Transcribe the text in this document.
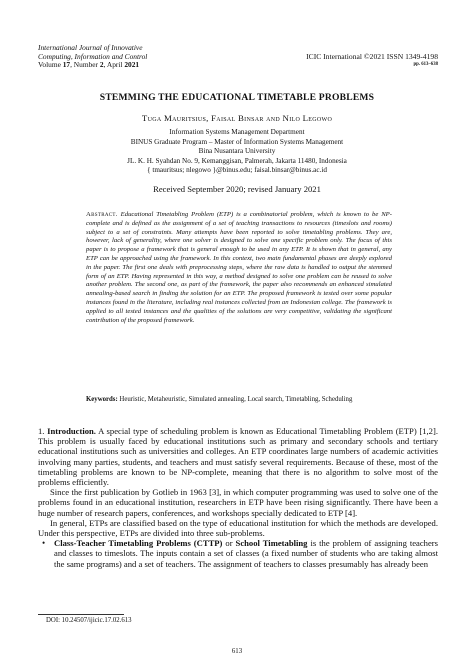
International Journal of Innovative
Computing, Information and Control
Volume 17, Number 2, April 2021
ICIC International ©2021 ISSN 1349-4198
pp. 613–638
STEMMING THE EDUCATIONAL TIMETABLE PROBLEMS
Tuga Mauritsius, Faisal Binsar and Nilo Legowo
Information Systems Management Department
BINUS Graduate Program – Master of Information Systems Management
Bina Nusantara University
JL. K. H. Syahdan No. 9, Kemanggisan, Palmerah, Jakarta 11480, Indonesia
{ tmauritsus; nlegowo }@binus.edu; faisal.binsar@binus.ac.id
Received September 2020; revised January 2021
Abstract. Educational Timetabling Problem (ETP) is a combinatorial problem, which is known to be NP-complete and is defined as the assignment of a set of teaching transactions to resources (timeslots and rooms) subject to a set of constraints. Many attempts have been reported to solve timetabling problems. They are, however, lack of generality, where one solver is designed to solve one specific problem only. The focus of this paper is to propose a framework that is general enough to be used in any ETP. It is shown that in general, any ETP can be approached using the framework. In this context, two main fundamental phases are deeply explored in the paper. The first one deals with preprocessing steps, where the raw data is handled to output the stemmed form of an ETP. Having represented in this way, a method designed to solve one problem can be reused to solve another problem. The second one, as part of the framework, the paper also recommends an enhanced simulated annealing-based search in finding the solution for an ETP. The proposed framework is tested over some popular instances found in the literature, including real instances collected from an Indonesian college. The framework is applied to all tested instances and the qualities of the solutions are very competitive, validating the significant contribution of the proposed framework.
Keywords: Heuristic, Metaheuristic, Simulated annealing, Local search, Timetabling, Scheduling

1. Introduction. A special type of scheduling problem is known as Educational Timetabling Problem (ETP) [1,2]. This problem is usually faced by educational institutions such as primary and secondary schools and tertiary educational institutions such as universities and colleges. An ETP coordinates large numbers of academic activities involving many parties, students, and teachers and must satisfy several requirements. Because of these, most of the timetabling problems are known to be NP-complete, meaning that there is no algorithm to solve most of the problems efficiently.

Since the first publication by Gotlieb in 1963 [3], in which computer programming was used to solve one of the problems found in an educational institution, researchers in ETP have been rising significantly. There have been a huge number of research papers, conferences, and workshops specially dedicated to ETP [4].

In general, ETPs are classified based on the type of educational institution for which the methods are developed. Under this perspective, ETPs are divided into three sub-problems.

•	Class-Teacher Timetabling Problems (CTTP) or School Timetabling is the problem of assigning teachers and classes to timeslots. The inputs contain a set of classes (a fixed number of students who are taking almost the same programs) and a set of teachers. The assignment of teachers to classes presumably has already been
DOI: 10.24507/ijicic.17.02.613
613
